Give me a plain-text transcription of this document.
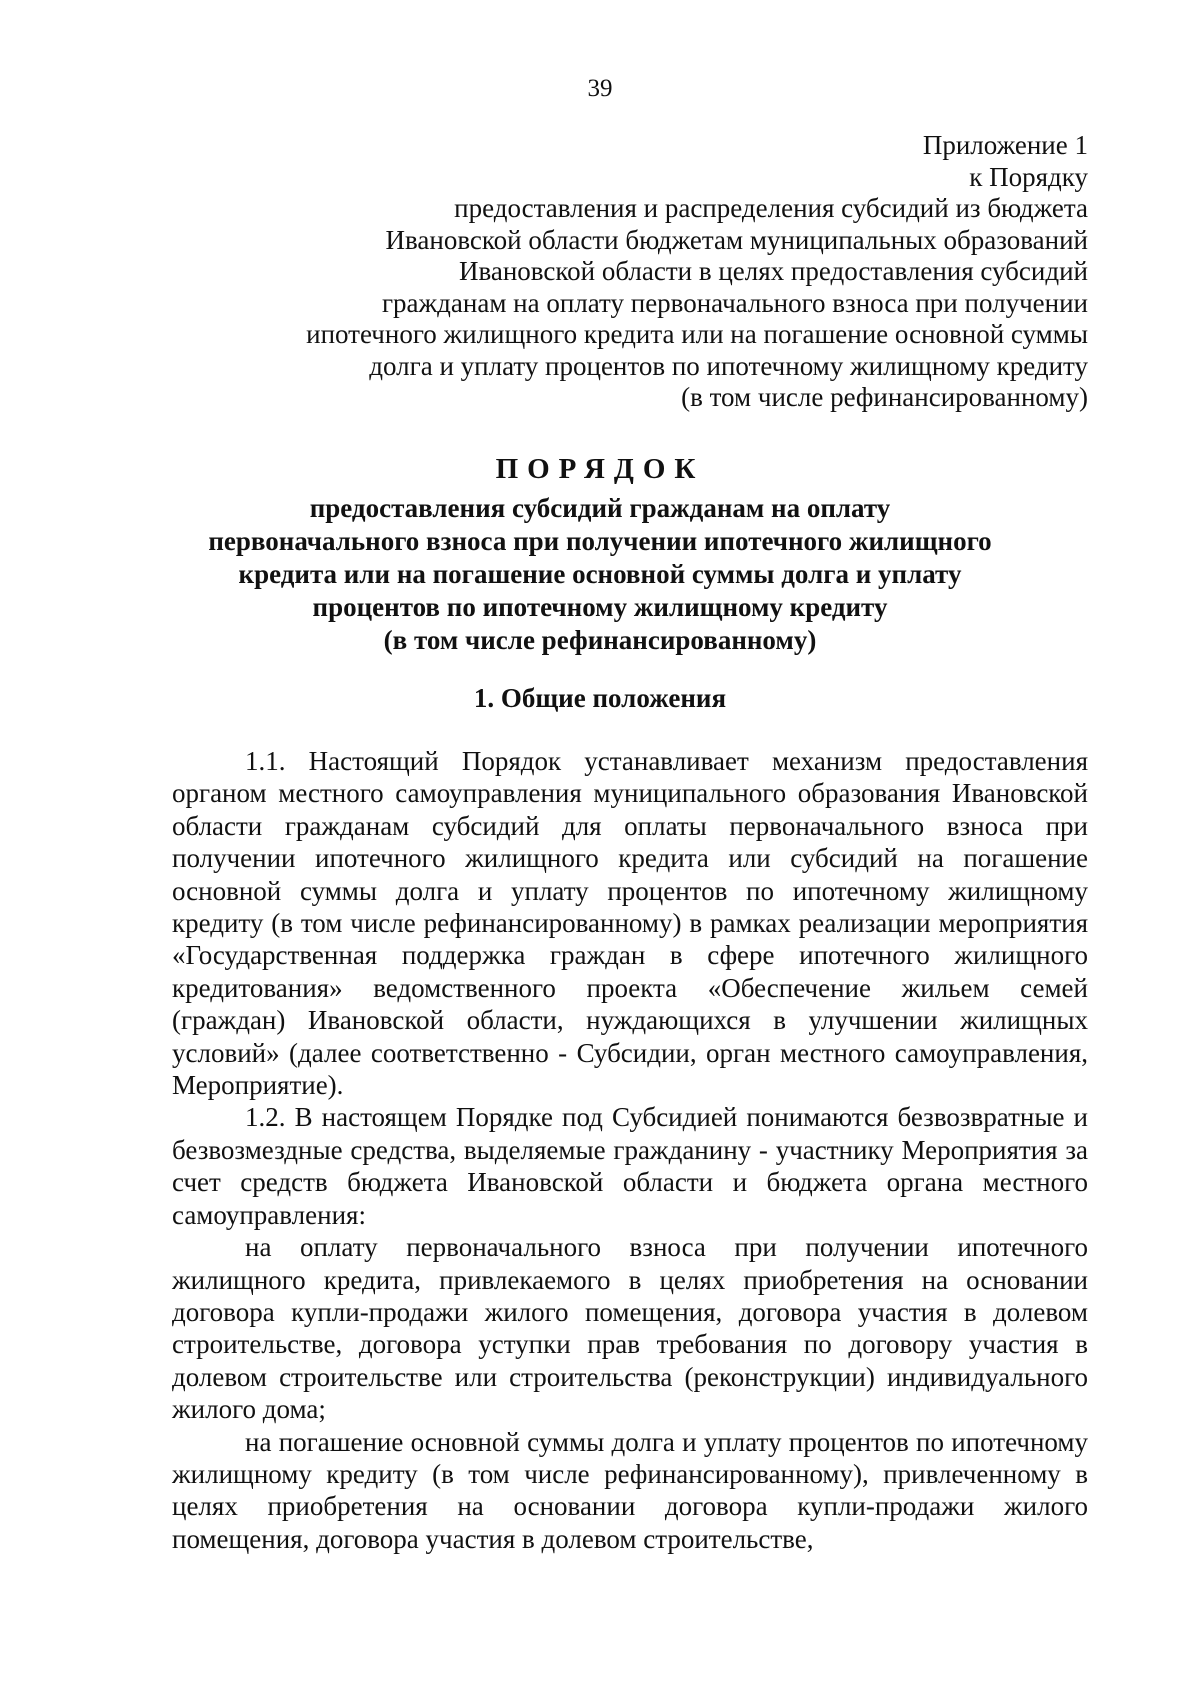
39
Приложение 1
к Порядку
предоставления и распределения субсидий из бюджета
Ивановской области бюджетам муниципальных образований
Ивановской области в целях предоставления субсидий
гражданам на оплату первоначального взноса при получении
ипотечного жилищного кредита или на погашение основной суммы
долга и уплату процентов по ипотечному жилищному кредиту
(в том числе рефинансированному)
ПОРЯДОК
предоставления субсидий гражданам на оплату
первоначального взноса при получении ипотечного жилищного
кредита или на погашение основной суммы долга и уплату
процентов по ипотечному жилищному кредиту
(в том числе рефинансированному)
1. Общие положения

1.1. Настоящий Порядок устанавливает механизм предоставления органом местного самоуправления муниципального образования Ивановской области гражданам субсидий для оплаты первоначального взноса при получении ипотечного жилищного кредита или субсидий на погашение основной суммы долга и уплату процентов по ипотечному жилищному кредиту (в том числе рефинансированному) в рамках реализации мероприятия «Государственная поддержка граждан в сфере ипотечного жилищного кредитования» ведомственного проекта «Обеспечение жильем семей (граждан) Ивановской области, нуждающихся в улучшении жилищных условий» (далее соответственно - Субсидии, орган местного самоуправления, Мероприятие).

1.2. В настоящем Порядке под Субсидией понимаются безвозвратные и безвозмездные средства, выделяемые гражданину - участнику Мероприятия за счет средств бюджета Ивановской области и бюджета органа местного самоуправления:

на оплату первоначального взноса при получении ипотечного жилищного кредита, привлекаемого в целях приобретения на основании договора купли-продажи жилого помещения, договора участия в долевом строительстве, договора уступки прав требования по договору участия в долевом строительстве или строительства (реконструкции) индивидуального жилого дома;

на погашение основной суммы долга и уплату процентов по ипотечному жилищному кредиту (в том числе рефинансированному), привлеченному в целях приобретения на основании договора купли-продажи жилого помещения, договора участия в долевом строительстве,
